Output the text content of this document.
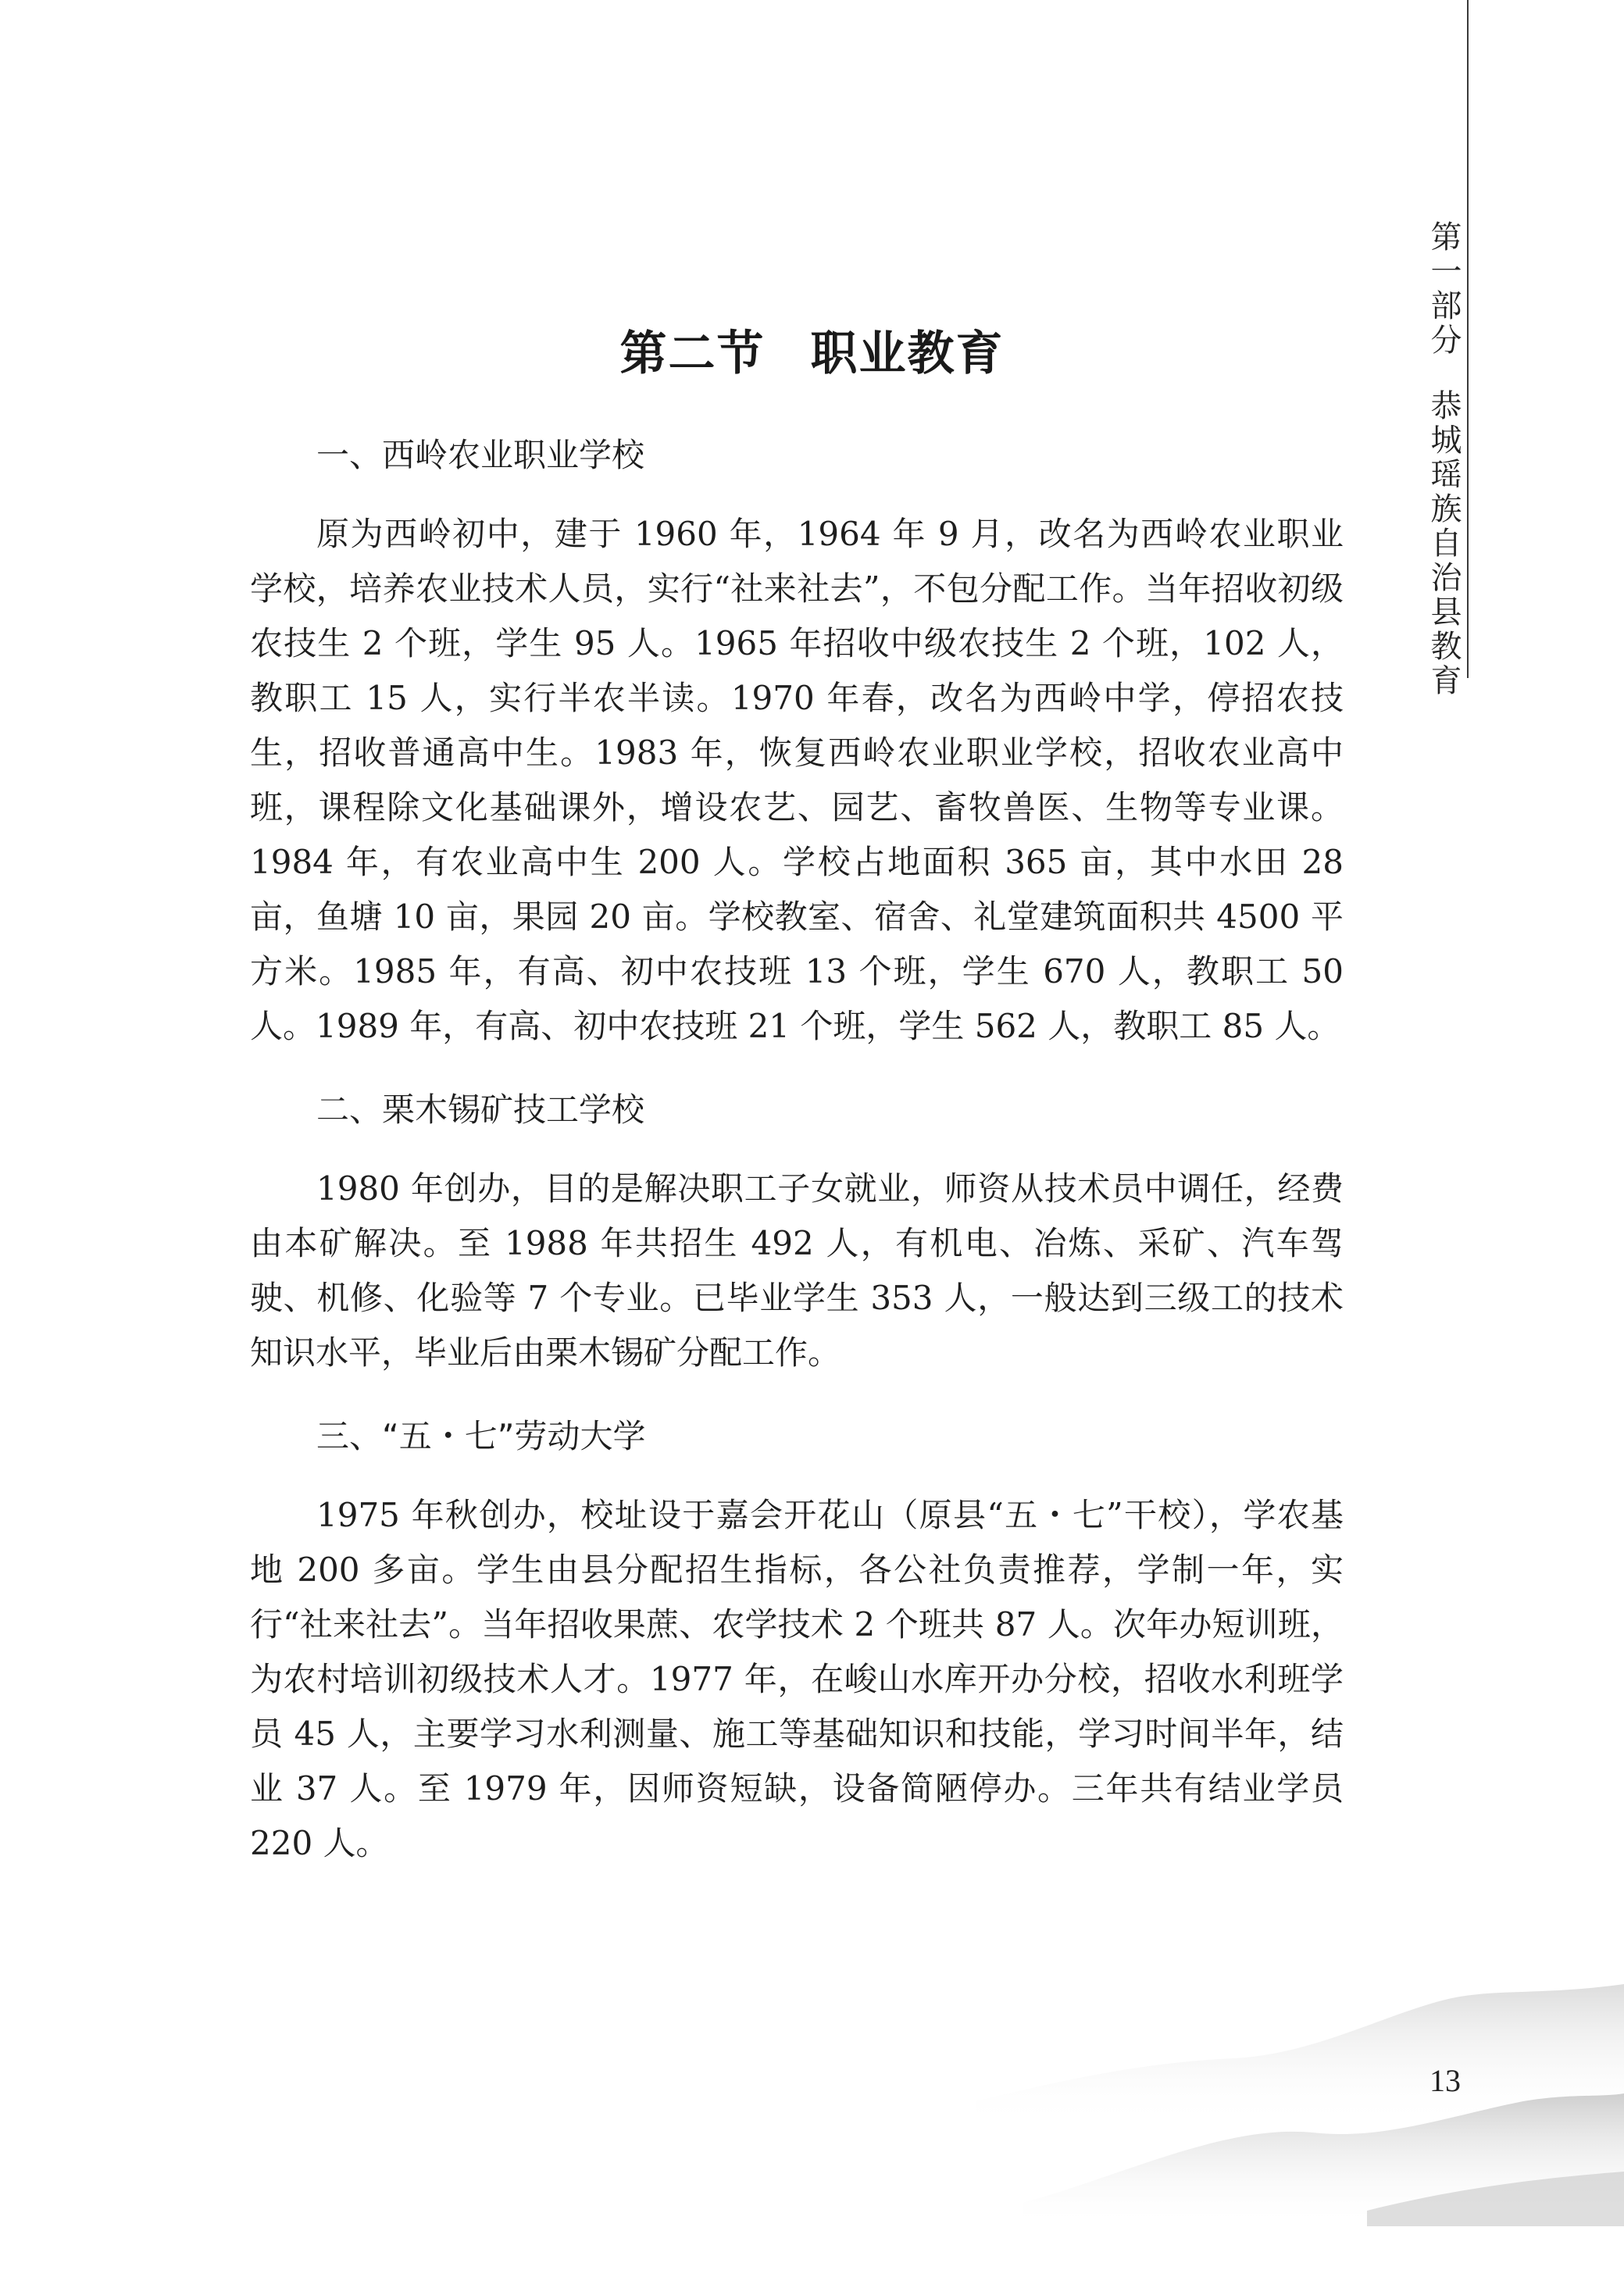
第一部分恭城瑶族自治县教育
第二节 职业教育

一、西岭农业职业学校

原为西岭初中，建于 1960 年，1964 年 9 月，改名为西岭农业职业学校，培养农业技术人员，实行“社来社去”，不包分配工作。当年招收初级农技生 2 个班，学生 95 人。1965 年招收中级农技生 2 个班，102 人，教职工 15 人，实行半农半读。1970 年春，改名为西岭中学，停招农技生，招收普通高中生。1983 年，恢复西岭农业职业学校，招收农业高中班，课程除文化基础课外，增设农艺、园艺、畜牧兽医、生物等专业课。1984 年，有农业高中生 200 人。学校占地面积 365 亩，其中水田 28 亩，鱼塘 10 亩，果园 20 亩。学校教室、宿舍、礼堂建筑面积共 4500 平方米。1985 年，有高、初中农技班 13 个班，学生 670 人，教职工 50 人。1989 年，有高、初中农技班 21 个班，学生 562 人，教职工 85 人。

二、栗木锡矿技工学校

1980 年创办，目的是解决职工子女就业，师资从技术员中调任，经费由本矿解决。至 1988 年共招生 492 人，有机电、冶炼、采矿、汽车驾驶、机修、化验等 7 个专业。已毕业学生 353 人，一般达到三级工的技术知识水平，毕业后由栗木锡矿分配工作。

三、“五・七”劳动大学

1975 年秋创办，校址设于嘉会开花山（原县“五・七”干校），学农基地 200 多亩。学生由县分配招生指标，各公社负责推荐，学制一年，实行“社来社去”。当年招收果蔗、农学技术 2 个班共 87 人。次年办短训班，为农村培训初级技术人才。1977 年，在峻山水库开办分校，招收水利班学员 45 人，主要学习水利测量、施工等基础知识和技能，学习时间半年，结业 37 人。至 1979 年，因师资短缺，设备简陋停办。三年共有结业学员 220 人。

13
